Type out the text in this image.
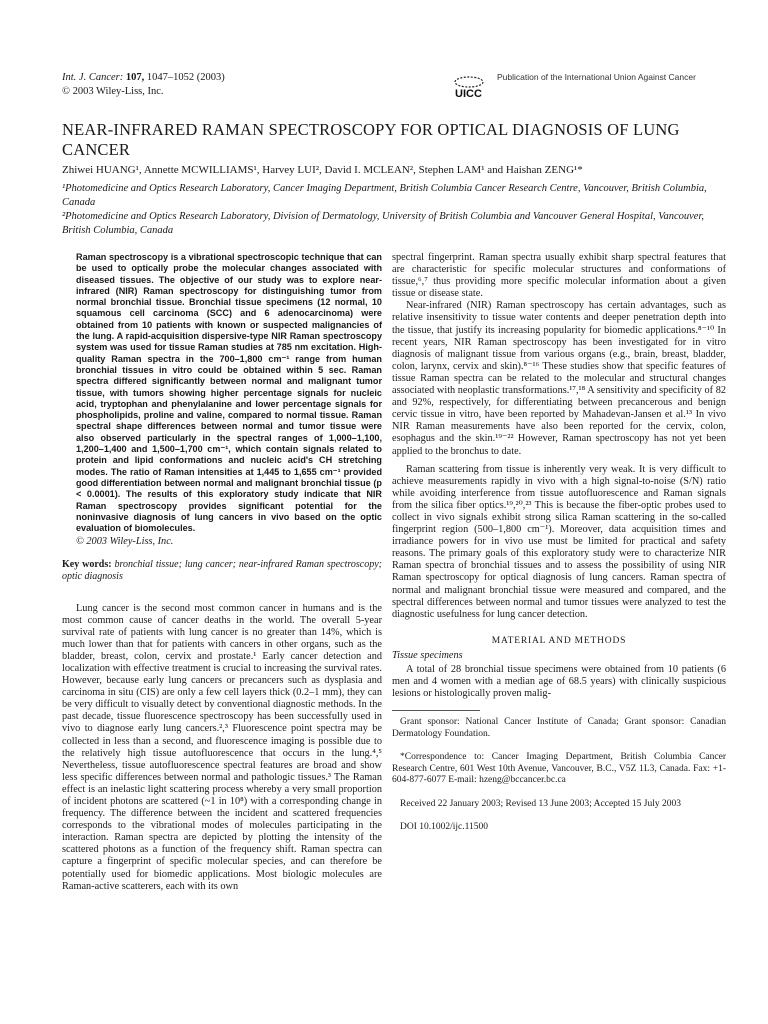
Int. J. Cancer: 107, 1047–1052 (2003)
© 2003 Wiley-Liss, Inc.	UICC
Publication of the International Union Against Cancer
NEAR-INFRARED RAMAN SPECTROSCOPY FOR OPTICAL DIAGNOSIS OF LUNG CANCER
Zhiwei HUANG¹, Annette MCWILLIAMS¹, Harvey LUI², David I. MCLEAN², Stephen LAM¹ and Haishan ZENG¹*
¹Photomedicine and Optics Research Laboratory, Cancer Imaging Department, British Columbia Cancer Research Centre, Vancouver, British Columbia, Canada
²Photomedicine and Optics Research Laboratory, Division of Dermatology, University of British Columbia and Vancouver General Hospital, Vancouver, British Columbia, Canada
Raman spectroscopy is a vibrational spectroscopic technique that can be used to optically probe the molecular changes associated with diseased tissues. The objective of our study was to explore near-infrared (NIR) Raman spectroscopy for distinguishing tumor from normal bronchial tissue. Bronchial tissue specimens (12 normal, 10 squamous cell carcinoma (SCC) and 6 adenocarcinoma) were obtained from 10 patients with known or suspected malignancies of the lung. A rapid-acquisition dispersive-type NIR Raman spectroscopy system was used for tissue Raman studies at 785 nm excitation. High-quality Raman spectra in the 700–1,800 cm⁻¹ range from human bronchial tissues in vitro could be obtained within 5 sec. Raman spectra differed significantly between normal and malignant tumor tissue, with tumors showing higher percentage signals for nucleic acid, tryptophan and phenylalanine and lower percentage signals for phospholipids, proline and valine, compared to normal tissue. Raman spectral shape differences between normal and tumor tissue were also observed particularly in the spectral ranges of 1,000–1,100, 1,200–1,400 and 1,500–1,700 cm⁻¹, which contain signals related to protein and lipid conformations and nucleic acid's CH stretching modes. The ratio of Raman intensities at 1,445 to 1,655 cm⁻¹ provided good differentiation between normal and malignant bronchial tissue (p < 0.0001). The results of this exploratory study indicate that NIR Raman spectroscopy provides significant potential for the noninvasive diagnosis of lung cancers in vivo based on the optic evaluation of biomolecules.
© 2003 Wiley-Liss, Inc.
Key words: bronchial tissue; lung cancer; near-infrared Raman spectroscopy; optic diagnosis

Lung cancer is the second most common cancer in humans and is the most common cause of cancer deaths in the world. The overall 5-year survival rate of patients with lung cancer is no greater than 14%, which is much lower than that for patients with cancers in other organs, such as the bladder, breast, colon, cervix and prostate.¹ Early cancer detection and localization with effective treatment is crucial to increasing the survival rates. However, because early lung cancers or precancers such as dysplasia and carcinoma in situ (CIS) are only a few cell layers thick (0.2–1 mm), they can be very difficult to visually detect by conventional diagnostic methods. In the past decade, tissue fluorescence spectroscopy has been successfully used in vivo to diagnose early lung cancers.²,³ Fluorescence point spectra may be collected in less than a second, and fluorescence imaging is possible due to the relatively high tissue autofluorescence that occurs in the lung.⁴,⁵ Nevertheless, tissue autofluorescence spectral features are broad and show less specific differences between normal and pathologic tissues.³ The Raman effect is an inelastic light scattering process whereby a very small proportion of incident photons are scattered (~1 in 10⁸) with a corresponding change in frequency. The difference between the incident and scattered frequencies corresponds to the vibrational modes of molecules participating in the interaction. Raman spectra are depicted by plotting the intensity of the scattered photons as a function of the frequency shift. Raman spectra can capture a fingerprint of specific molecular species, and can therefore be potentially used for biomedic applications. Most biologic molecules are Raman-active scatterers, each with its own

spectral fingerprint. Raman spectra usually exhibit sharp spectral features that are characteristic for specific molecular structures and conformations of tissue,⁶,⁷ thus providing more specific molecular information about a given tissue or disease state.

Near-infrared (NIR) Raman spectroscopy has certain advantages, such as relative insensitivity to tissue water contents and deeper penetration depth into the tissue, that justify its increasing popularity for biomedic applications.⁸⁻¹⁰ In recent years, NIR Raman spectroscopy has been investigated for in vitro diagnosis of malignant tissue from various organs (e.g., brain, breast, bladder, colon, larynx, cervix and skin).⁸⁻¹⁶ These studies show that specific features of tissue Raman spectra can be related to the molecular and structural changes associated with neoplastic transformations.¹⁷,¹⁸ A sensitivity and specificity of 82 and 92%, respectively, for differentiating between precancerous and benign cervic tissue in vitro, have been reported by Mahadevan-Jansen et al.¹³ In vivo NIR Raman measurements have also been reported for the cervix, colon, esophagus and the skin.¹⁹⁻²² However, Raman spectroscopy has not yet been applied to the bronchus to date.

Raman scattering from tissue is inherently very weak. It is very difficult to achieve measurements rapidly in vivo with a high signal-to-noise (S/N) ratio while avoiding interference from tissue autofluorescence and Raman signals from the silica fiber optics.¹⁹,²⁰,²³ This is because the fiber-optic probes used to collect in vivo signals exhibit strong silica Raman scattering in the so-called fingerprint region (500–1,800 cm⁻¹). Moreover, data acquisition times and irradiance powers for in vivo use must be limited for practical and safety reasons. The primary goals of this exploratory study were to characterize NIR Raman spectra of bronchial tissues and to assess the possibility of using NIR Raman spectroscopy for optical diagnosis of lung cancers. Raman spectra of normal and malignant bronchial tissue were measured and compared, and the spectral differences between normal and tumor tissues were analyzed to test the diagnostic usefulness for lung cancer detection.

MATERIAL AND METHODS
Tissue specimens

A total of 28 bronchial tissue specimens were obtained from 10 patients (6 men and 4 women with a median age of 68.5 years) with clinically suspicious lesions or histologically proven malig-

Grant sponsor: National Cancer Institute of Canada; Grant sponsor: Canadian Dermatology Foundation.
*Correspondence to: Cancer Imaging Department, British Columbia Cancer Research Centre, 601 West 10th Avenue, Vancouver, B.C., V5Z 1L3, Canada. Fax: +1-604-877-6077 E-mail: hzeng@bccancer.bc.ca
Received 22 January 2003; Revised 13 June 2003; Accepted 15 July 2003
DOI 10.1002/ijc.11500
